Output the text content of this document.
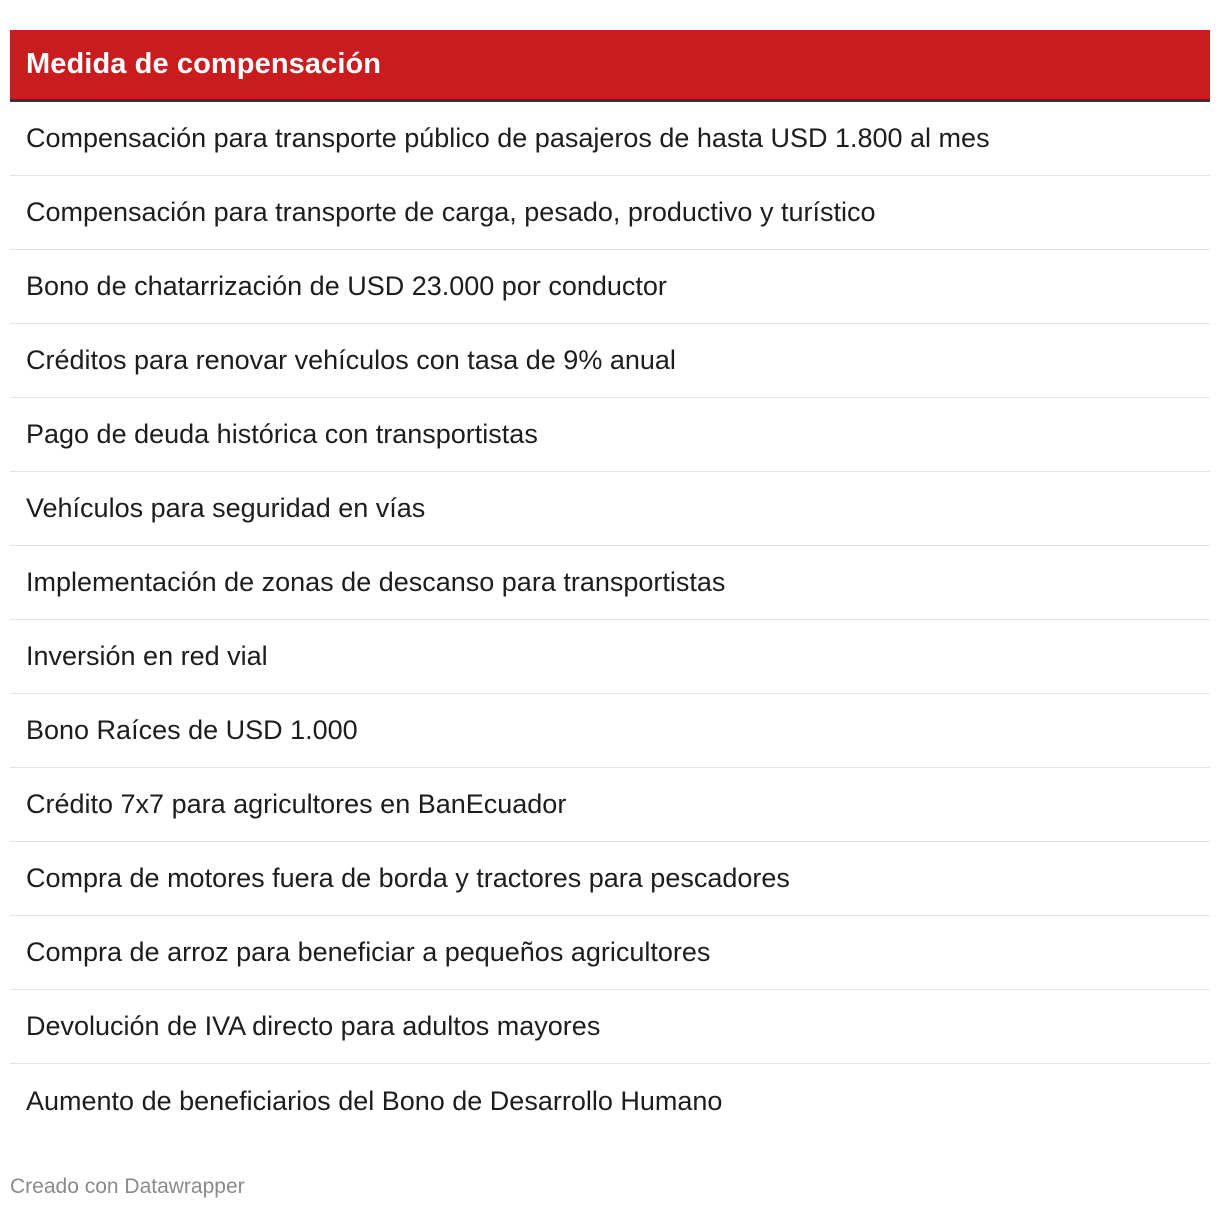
Medida de compensación
Compensación para transporte público de pasajeros de hasta USD 1.800 al mes
Compensación para transporte de carga, pesado, productivo y turístico
Bono de chatarrización de USD 23.000 por conductor
Créditos para renovar vehículos con tasa de 9% anual
Pago de deuda histórica con transportistas
Vehículos para seguridad en vías
Implementación de zonas de descanso para transportistas
Inversión en red vial
Bono Raíces de USD 1.000
Crédito 7x7 para agricultores en BanEcuador
Compra de motores fuera de borda y tractores para pescadores
Compra de arroz para beneficiar a pequeños agricultores
Devolución de IVA directo para adultos mayores
Aumento de beneficiarios del Bono de Desarrollo Humano
Creado con Datawrapper
